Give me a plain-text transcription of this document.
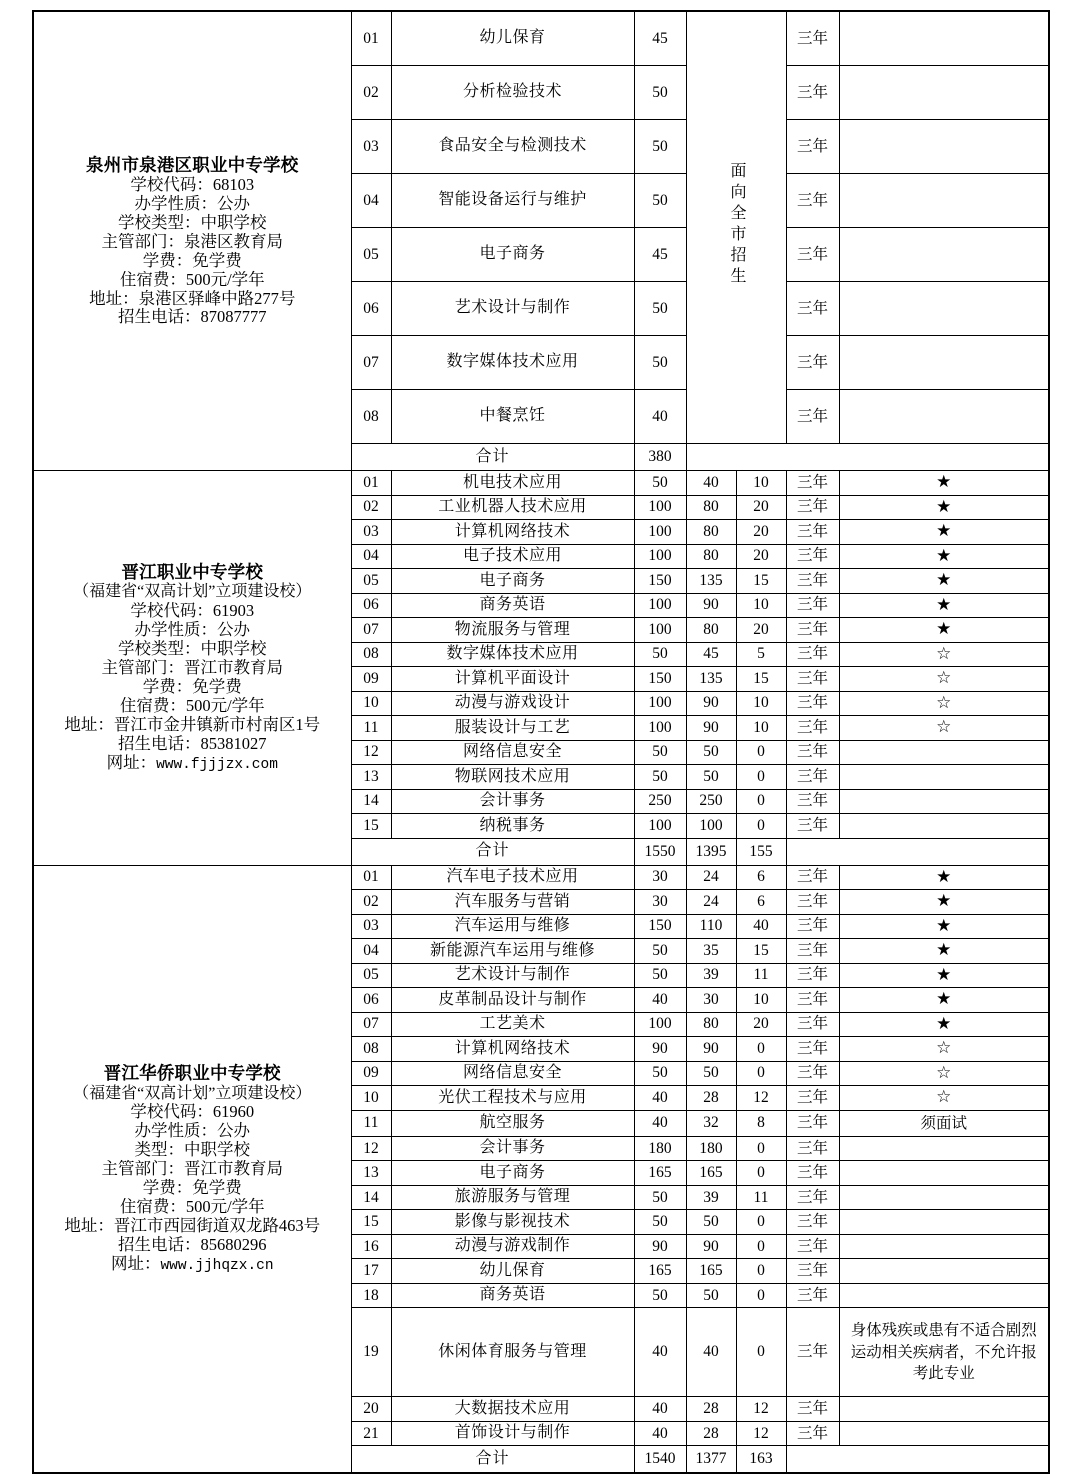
泉州市泉港区职业中专学校
学校代码：68103
办学性质：公办
学校类型：中职学校
主管部门：泉港区教育局
学费：免学费
住宿费：500元/学年
地址：泉港区驿峰中路277号
招生电话：87087777
	01	幼儿保育	45	面向全市招生	三年	
	02	分析检验技术	50			三年	
	03	食品安全与检测技术	50			三年	
	04	智能设备运行与维护	50			三年	
	05	电子商务	45			三年	
	06	艺术设计与制作	50			三年	
	07	数字媒体技术应用	50			三年	
	08	中餐烹饪	40			三年	
	合计		380				

晋江职业中专学校
（福建省“双高计划”立项建设校）
学校代码：61903
办学性质：公办
学校类型：中职学校
主管部门：晋江市教育局
学费：免学费
住宿费：500元/学年
地址：晋江市金井镇新市村南区1号
招生电话：85381027
网址：www.fjjjzx.com
	01	机电技术应用	50	40	10	三年	★
	02	工业机器人技术应用	100	80	20	三年	★
	03	计算机网络技术	100	80	20	三年	★
	04	电子技术应用	100	80	20	三年	★
	05	电子商务	150	135	15	三年	★
	06	商务英语	100	90	10	三年	★
	07	物流服务与管理	100	80	20	三年	★
	08	数字媒体技术应用	50	45	5	三年	☆
	09	计算机平面设计	150	135	15	三年	☆
	10	动漫与游戏设计	100	90	10	三年	☆
	11	服装设计与工艺	100	90	10	三年	☆
	12	网络信息安全	50	50	0	三年	
	13	物联网技术应用	50	50	0	三年	
	14	会计事务	250	250	0	三年	
	15	纳税事务	100	100	0	三年	
	合计		1550	1395	155		

晋江华侨职业中专学校
（福建省“双高计划”立项建设校）
学校代码：61960
办学性质：公办
类型：中职学校
主管部门：晋江市教育局
学费：免学费
住宿费：500元/学年
地址：晋江市西园街道双龙路463号
招生电话：85680296
网址：www.jjhqzx.cn
	01	汽车电子技术应用	30	24	6	三年	★
	02	汽车服务与营销	30	24	6	三年	★
	03	汽车运用与维修	150	110	40	三年	★
	04	新能源汽车运用与维修	50	35	15	三年	★
	05	艺术设计与制作	50	39	11	三年	★
	06	皮革制品设计与制作	40	30	10	三年	★
	07	工艺美术	100	80	20	三年	★
	08	计算机网络技术	90	90	0	三年	☆
	09	网络信息安全	50	50	0	三年	☆
	10	光伏工程技术与应用	40	28	12	三年	☆
	11	航空服务	40	32	8	三年	须面试

	12	会计事务	180	180	0	三年	
	13	电子商务	165	165	0	三年	
	14	旅游服务与管理	50	39	11	三年	
	15	影像与影视技术	50	50	0	三年	
	16	动漫与游戏制作	90	90	0	三年	
	17	幼儿保育	165	165	0	三年	
	18	商务英语	50	50	0	三年	
	19	休闲体育服务与管理	40	40	0	三年	身体残疾或患有不适合剧烈运动相关疾病者，不允许报考此专业

	20	大数据技术应用	40	28	12	三年	
	21	首饰设计与制作	40	28	12	三年	
	合计		1540	1377	163		
